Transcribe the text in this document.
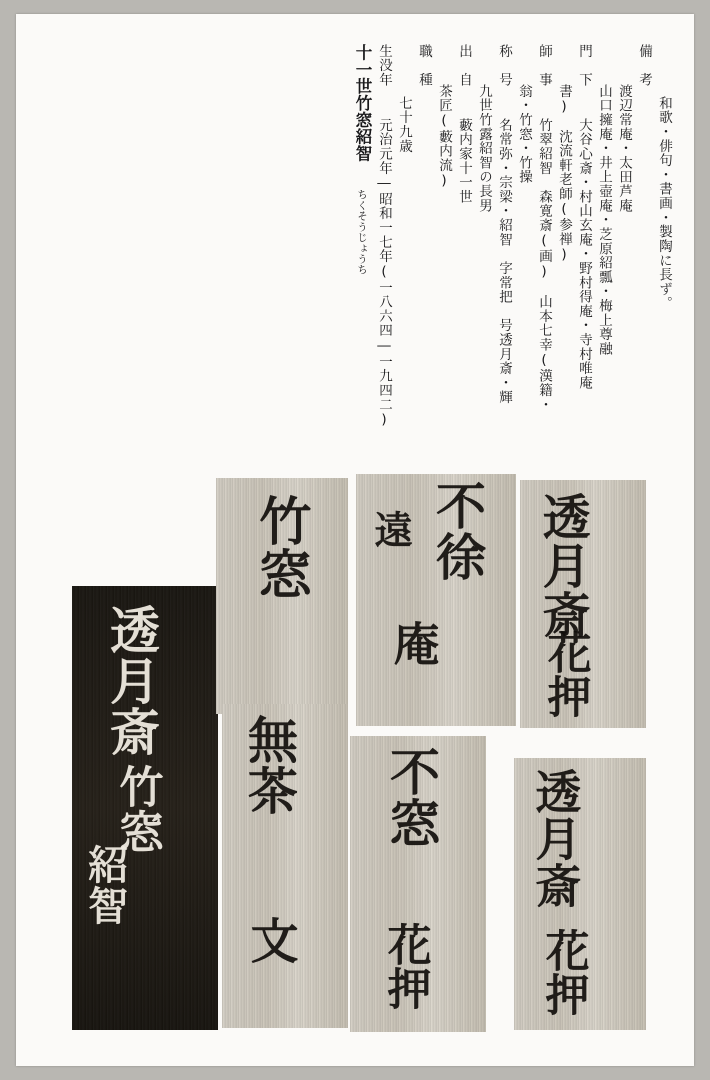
十一世竹窓紹智 ちくそうじょうち
生没年 元治元年―昭和一七年(一八六四―一九四二) 七十九歳
職　種
茶匠(藪内流)
出　自 藪内家十一世 九世竹露紹智の長男
称　号 名常弥・宗梁・紹智　字常把　号透月斎・輝 翁・竹窓・竹操
師　事 竹翠紹智　森寛斎(画)　山本七幸(漢籍・ 書)　沈流軒老師(参禅)
門　下 大谷心斎・村山玄庵・野村得庵・寺村唯庵 山口擁庵・井上壺庵・芝原紹瓢・梅上尊融 渡辺常庵・太田芦庵
備　考
和歌・俳句・書画・製陶に長ず。
透月斎
竹窓
紹智
竹窓 不徐
遠
庵
透月斎
花押
無茶
文
不窓
花押
透月斎
花押
